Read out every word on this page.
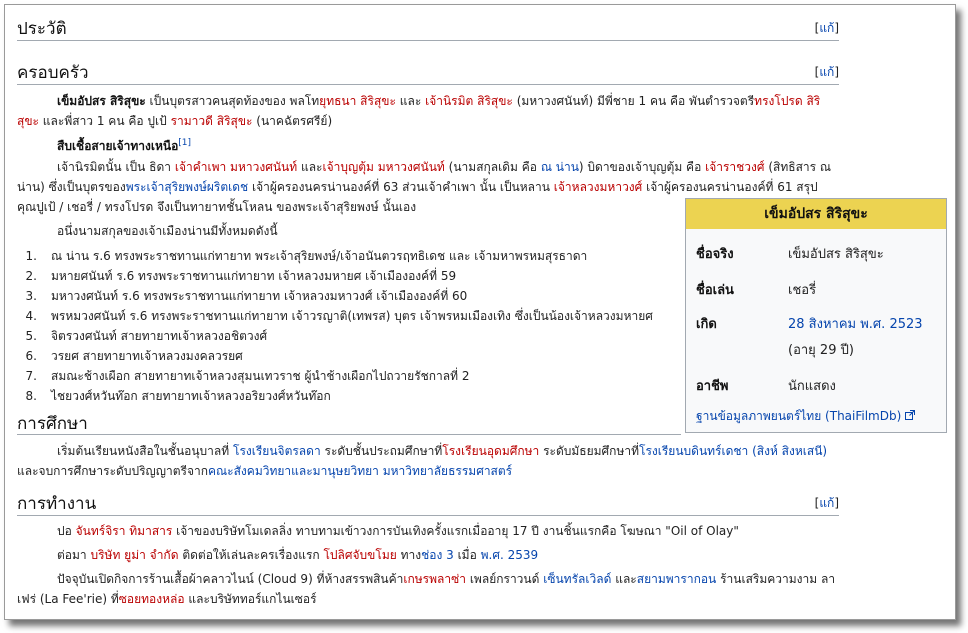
ประวัติ	[แก้]
ครอบครัว	[แก้]
เข็มอัปสร สิริสุขะ เป็นบุตรสาวคนสุดท้องของ พลโทยุทธนา สิริสุขะ และ เจ้านิรมิต สิริสุขะ (มหาวงศนันท์) มีพี่ชาย 1 คน คือ พันตำรวจตรีทรงโปรด สิริ
สุขะ และพี่สาว 1 คน คือ ปูเป้ รามาวดี สิริสุขะ (นาคฉัตรศรีย์)
สืบเชื้อสายเจ้าทางเหนือ[1]
เจ้านิรมิตนั้น เป็น ธิดา เจ้าคำเพา มหาวงศนันท์ และเจ้าบุญตุ้ม มหาวงศนันท์ (นามสกุลเดิม คือ ณ น่าน) บิดาของเจ้าบุญตุ้ม คือ เจ้าราชวงศ์ (สิทธิสาร ณ
น่าน) ซึ่งเป็นบุตรของพระเจ้าสุริยพงษ์ผริตเดช เจ้าผู้ครองนครน่านองค์ที่ 63 ส่วนเจ้าคำเพา นั้น เป็นหลาน เจ้าหลวงมหาวงศ์ เจ้าผู้ครองนครน่านองค์ที่ 61 สรุป
คุณปูเป้ / เชอรี่ / ทรงโปรด จึงเป็นทายาทชั้นโหลน ของพระเจ้าสุริยพงษ์ นั้นเอง
อนึ่งนามสกุลของเจ้าเมืองน่านมีทั้งหมดดังนี้
1. ณ น่าน ร.6 ทรงพระราชทานแก่ทายาท พระเจ้าสุริยพงษ์/เจ้าอนันตวรฤทธิเดช และ เจ้ามหาพรหมสุรธาดา
2. มหายศนันท์ ร.6 ทรงพระราชทานแก่ทายาท เจ้าหลวงมหายศ เจ้าเมืององค์ที่ 59
3. มหาวงศนันท์ ร.6 ทรงพระราชทานแก่ทายาท เจ้าหลวงมหาวงศ์ เจ้าเมืององค์ที่ 60
4. พรหมวงศนันท์ ร.6 ทรงพระราชทานแก่ทายาท เจ้าวรญาติ(เทพรส) บุตร เจ้าพรหมเมืองเทิง ซึ่งเป็นน้องเจ้าหลวงมหายศ
5. จิตรวงศนันท์ สายทายาทเจ้าหลวงอชิตวงศ์
6. วรยศ สายทายาทเจ้าหลวงมงคลวรยศ
7. สมณะช้างเผือก สายทายาทเจ้าหลวงสุมนเทวราช ผู้นำช้างเผือกไปถวายรัชกาลที่ 2
8. ไชยวงศ์หวันท๊อก สายทายาทเจ้าหลวงอริยวงศ์หวันท๊อก
การศึกษา
เริ่มต้นเรียนหนังสือในชั้นอนุบาลที่ โรงเรียนจิตรลดา ระดับชั้นประถมศึกษาที่โรงเรียนอุดมศึกษา ระดับมัธยมศึกษาที่โรงเรียนบดินทร์เดชา (สิงห์ สิงหเสนี)
และจบการศึกษาระดับปริญญาตรีจากคณะสังคมวิทยาและมานุษยวิทยา มหาวิทยาลัยธรรมศาสตร์
การทำงาน	[แก้]
ปอ จันทร์จิรา ทิมาสาร เจ้าของบริษัทโมเดลลิ่ง ทาบทามเข้าวงการบันเทิงครั้งแรกเมื่ออายุ 17 ปี งานชิ้นแรกคือ โฆษณา "Oil of Olay"
ต่อมา บริษัท ยูม่า จำกัด ติดต่อให้เล่นละครเรื่องแรก โปลิศจับขโมย ทางช่อง 3 เมื่อ พ.ศ. 2539
ปัจจุบันเปิดกิจการร้านเสื้อผ้าคลาวไนน์ (Cloud 9) ที่ห้างสรรพสินค้าเกษรพลาซ่า เพลย์กราวนด์ เซ็นทรัลเวิลด์ และสยามพารากอน ร้านเสริมความงาม ลา
เฟร่ (La Fee'rie) ที่ซอยทองหล่อ และบริษัททอร์แกไนเซอร์
เข็มอัปสร สิริสุขะ
ชื่อจริง	เข็มอัปสร สิริสุขะ
ชื่อเล่น	เชอรี่
เกิด	28 สิงหาคม พ.ศ. 2523
(อายุ 29 ปี)
อาชีพ	นักแสดง
ฐานข้อมูลภาพยนตร์ไทย (ThaiFilmDb)
